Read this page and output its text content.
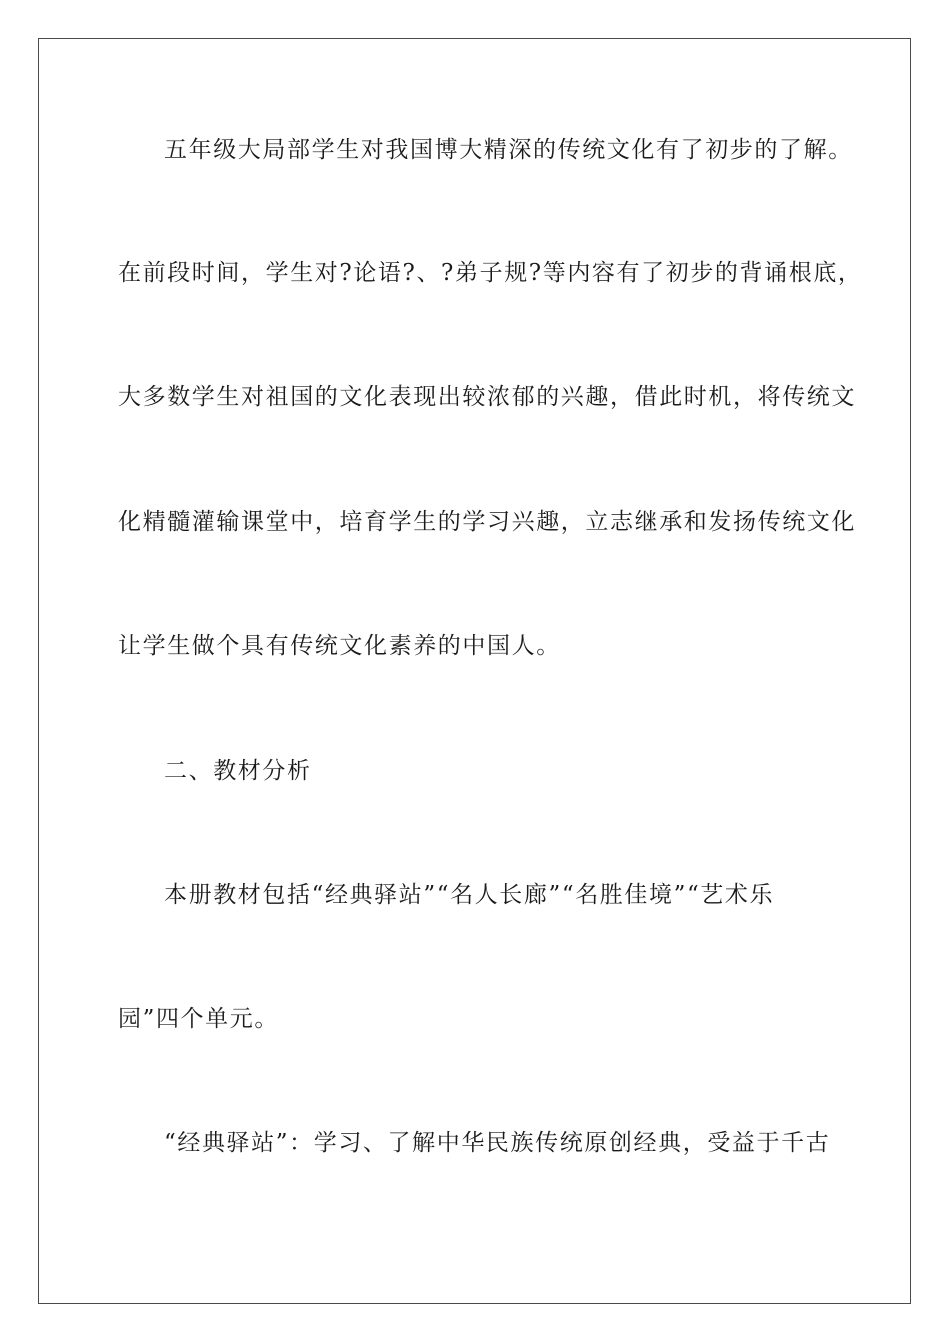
五年级大局部学生对我国博大精深的传统文化有了初步的了解。
在前段时间，学生对?论语?、?弟子规?等内容有了初步的背诵根底，
大多数学生对祖国的文化表现出较浓郁的兴趣，借此时机，将传统文
化精髓灌输课堂中，培育学生的学习兴趣，立志继承和发扬传统文化
让学生做个具有传统文化素养的中国人。
二、教材分析
本册教材包括“经典驿站”“名人长廊”“名胜佳境”“艺术乐
园”四个单元。
“经典驿站”：学习、了解中华民族传统原创经典，受益于千古
